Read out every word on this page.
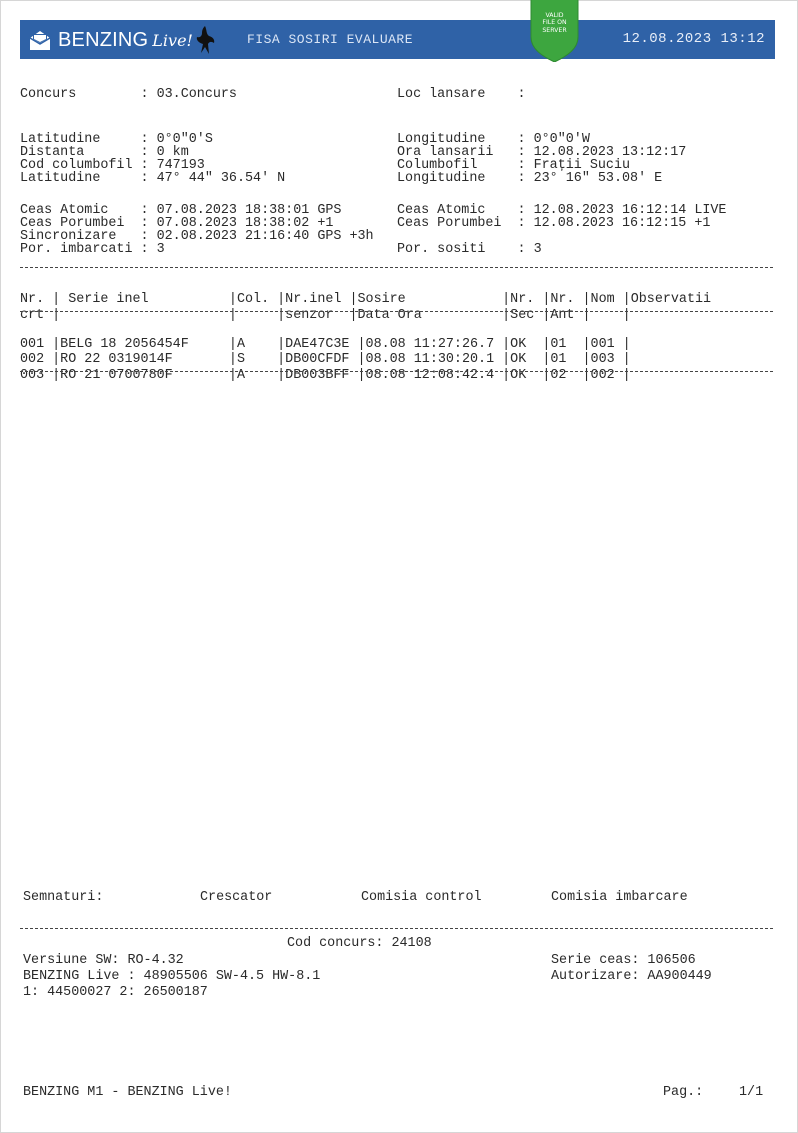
BENZING Live!	FISA SOSIRI EVALUARE	12.08.2023 13:12
VALID
FILE ON
SERVER
Concurs        : 03.Concurs	Loc lansare    :

Latitudine     : 0°0"0'S
Distanta       : 0 km
Cod columbofil : 747193
Latitudine     : 47° 44" 36.54' N

Longitudine    : 0°0"0'W
Ora lansarii   : 12.08.2023 13:12:17
Columbofil     : Frații Suciu
Longitudine    : 23° 16" 53.08' E

Ceas Atomic    : 07.08.2023 18:38:01 GPS
Ceas Porumbei  : 07.08.2023 18:38:02 +1
Sincronizare   : 02.08.2023 21:16:40 GPS +3h
Por. imbarcati : 3

Ceas Atomic    : 12.08.2023 16:12:14 LIVE
Ceas Porumbei  : 12.08.2023 16:12:15 +1

Por. sositi    : 3

Nr. | Serie inel          |Col. |Nr.inel |Sosire            |Nr. |Nr. |Nom |Observatii
crt |                     |     |senzor  |Data Ora          |Sec |Ant |    |

001 |BELG 18 2056454F     |A    |DAE47C3E |08.08 11:27:26.7 |OK  |01  |001 |
002 |RO 22 0319014F       |S    |DB00CFDF |08.08 11:30:20.1 |OK  |01  |003 |
003 |RO 21 0700780F       |A    |DB003BFF |08.08 12:08:42.4 |OK  |02  |002 |

Semnaturi:	Crescator	Comisia control	Comisia imbarcare

Versiune SW: RO-4.32
BENZING Live : 48905506 SW-4.5 HW-8.1
1: 44500027 2: 26500187

Cod concurs: 24108

Serie ceas: 106506
Autorizare: AA900449

BENZING M1 - BENZING Live!	Pag.:	1/1
